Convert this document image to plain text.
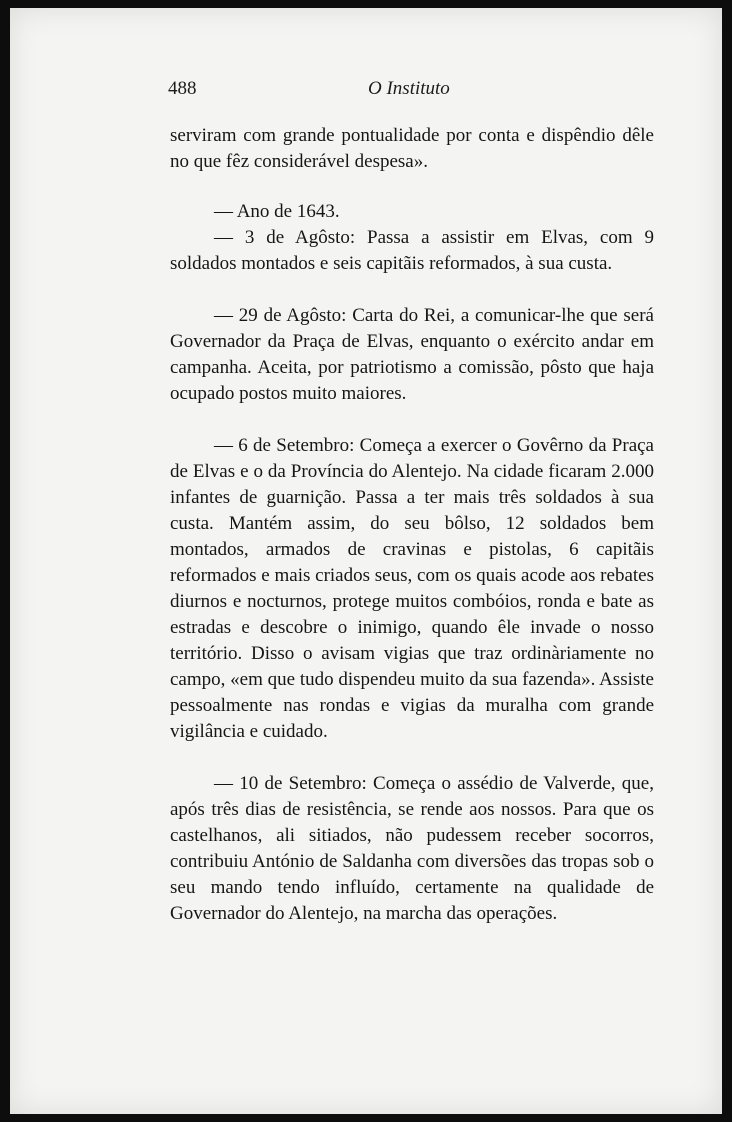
488	O Instituto

serviram com grande pontualidade por conta e dispêndio dêle no que fêz considerável despesa».

— Ano de 1643.

— 3 de Agôsto: Passa a assistir em Elvas, com 9 soldados montados e seis capitãis reformados, à sua custa.

— 29 de Agôsto: Carta do Rei, a comunicar-lhe que será Governador da Praça de Elvas, enquanto o exército andar em campanha. Aceita, por patriotismo a comissão, pôsto que haja ocupado postos muito maiores.

— 6 de Setembro: Começa a exercer o Govêrno da Praça de Elvas e o da Província do Alentejo. Na cidade ficaram 2.000 infantes de guarnição. Passa a ter mais três soldados à sua custa. Mantém assim, do seu bôlso, 12 soldados bem montados, armados de cravinas e pistolas, 6 capitãis reformados e mais criados seus, com os quais acode aos rebates diurnos e nocturnos, protege muitos combóios, ronda e bate as estradas e descobre o inimigo, quando êle invade o nosso território. Disso o avisam vigias que traz ordinàriamente no campo, «em que tudo dispendeu muito da sua fazenda». Assiste pessoalmente nas rondas e vigias da muralha com grande vigilância e cuidado.

— 10 de Setembro: Começa o assédio de Valverde, que, após três dias de resistência, se rende aos nossos. Para que os castelhanos, ali sitiados, não pudessem receber socorros, contribuiu António de Saldanha com diversões das tropas sob o seu mando tendo influído, certamente na qualidade de Governador do Alentejo, na marcha das operações.
